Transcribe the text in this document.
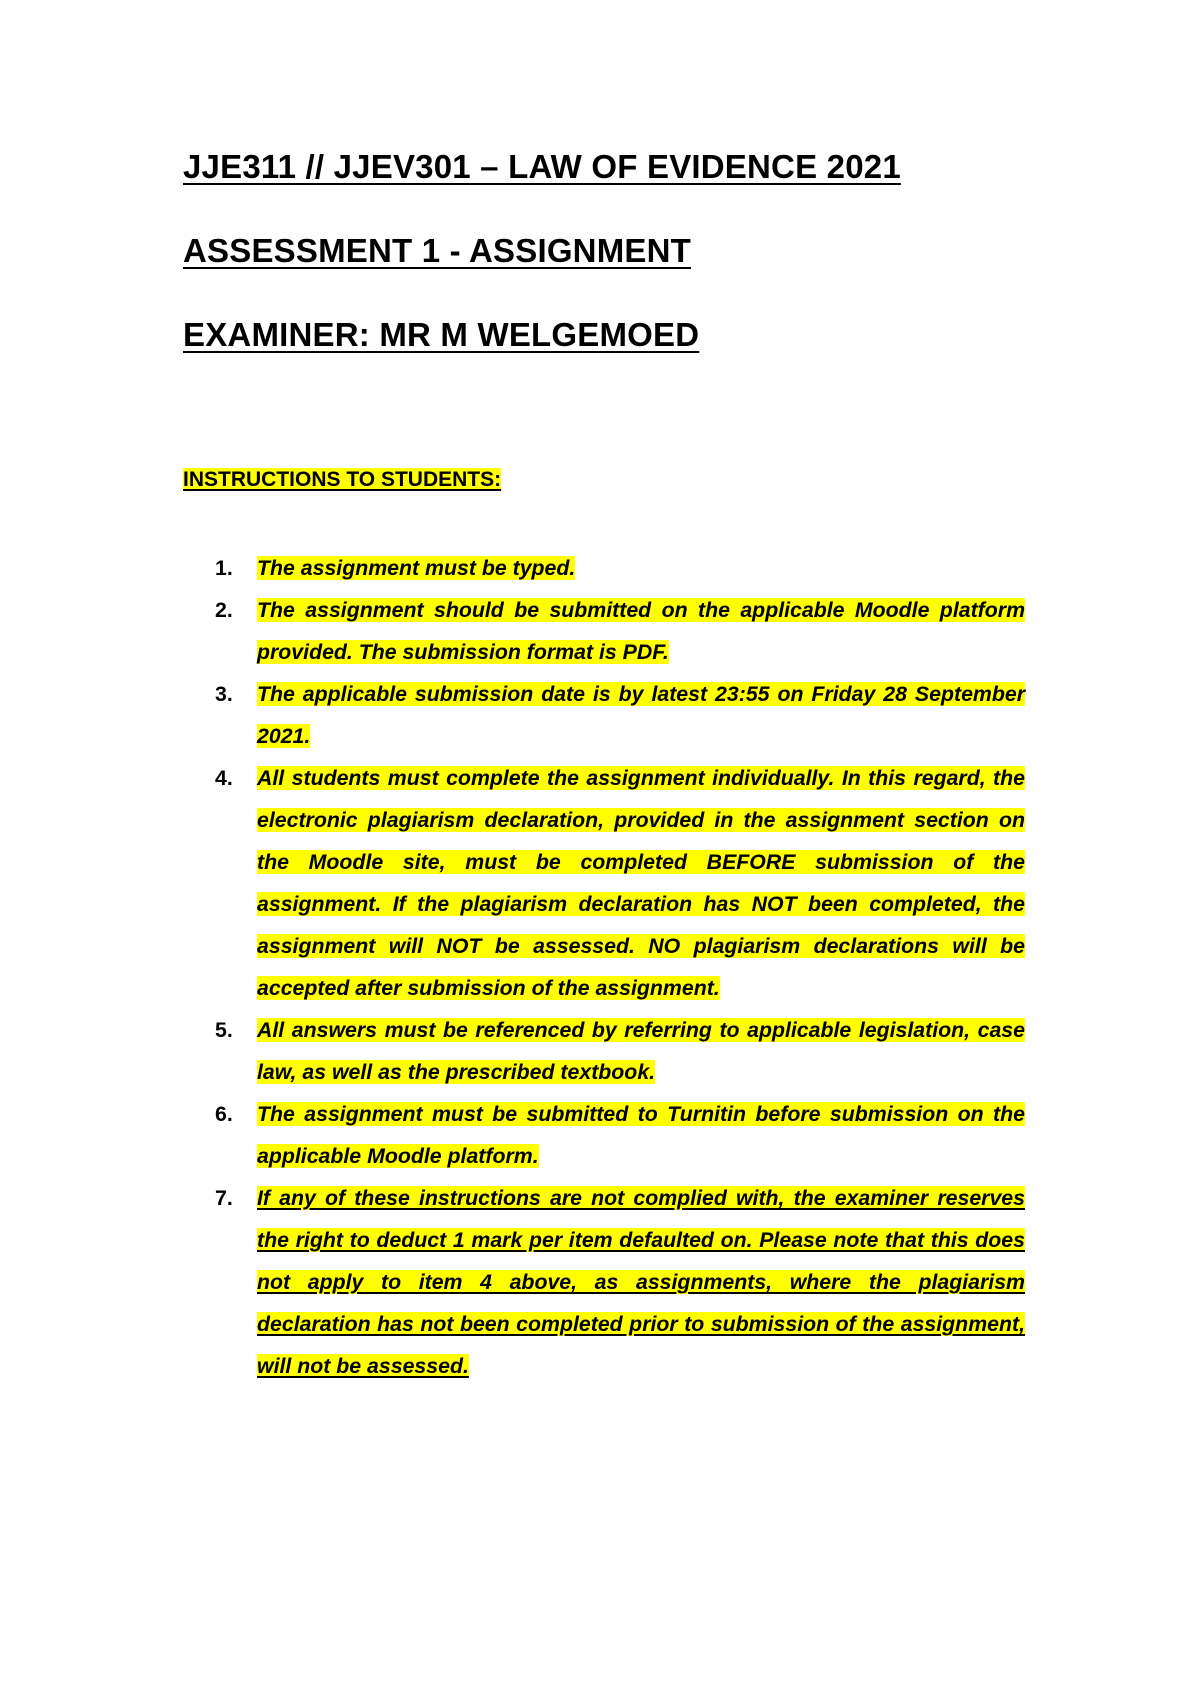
JJE311 // JJEV301 – LAW OF EVIDENCE 2021
ASSESSMENT 1 - ASSIGNMENT
EXAMINER: MR M WELGEMOED

INSTRUCTIONS TO STUDENTS:

1. The assignment must be typed.
2. The assignment should be submitted on the applicable Moodle platform provided. The submission format is PDF.
3. The applicable submission date is by latest 23:55 on Friday 28 September 2021.
4. All students must complete the assignment individually. In this regard, the electronic plagiarism declaration, provided in the assignment section on the Moodle site, must be completed BEFORE submission of the assignment. If the plagiarism declaration has NOT been completed, the assignment will NOT be assessed. NO plagiarism declarations will be accepted after submission of the assignment.
5. All answers must be referenced by referring to applicable legislation, case law, as well as the prescribed textbook.
6. The assignment must be submitted to Turnitin before submission on the applicable Moodle platform.
7. If any of these instructions are not complied with, the examiner reserves the right to deduct 1 mark per item defaulted on. Please note that this does not apply to item 4 above, as assignments, where the plagiarism declaration has not been completed prior to submission of the assignment, will not be assessed.
